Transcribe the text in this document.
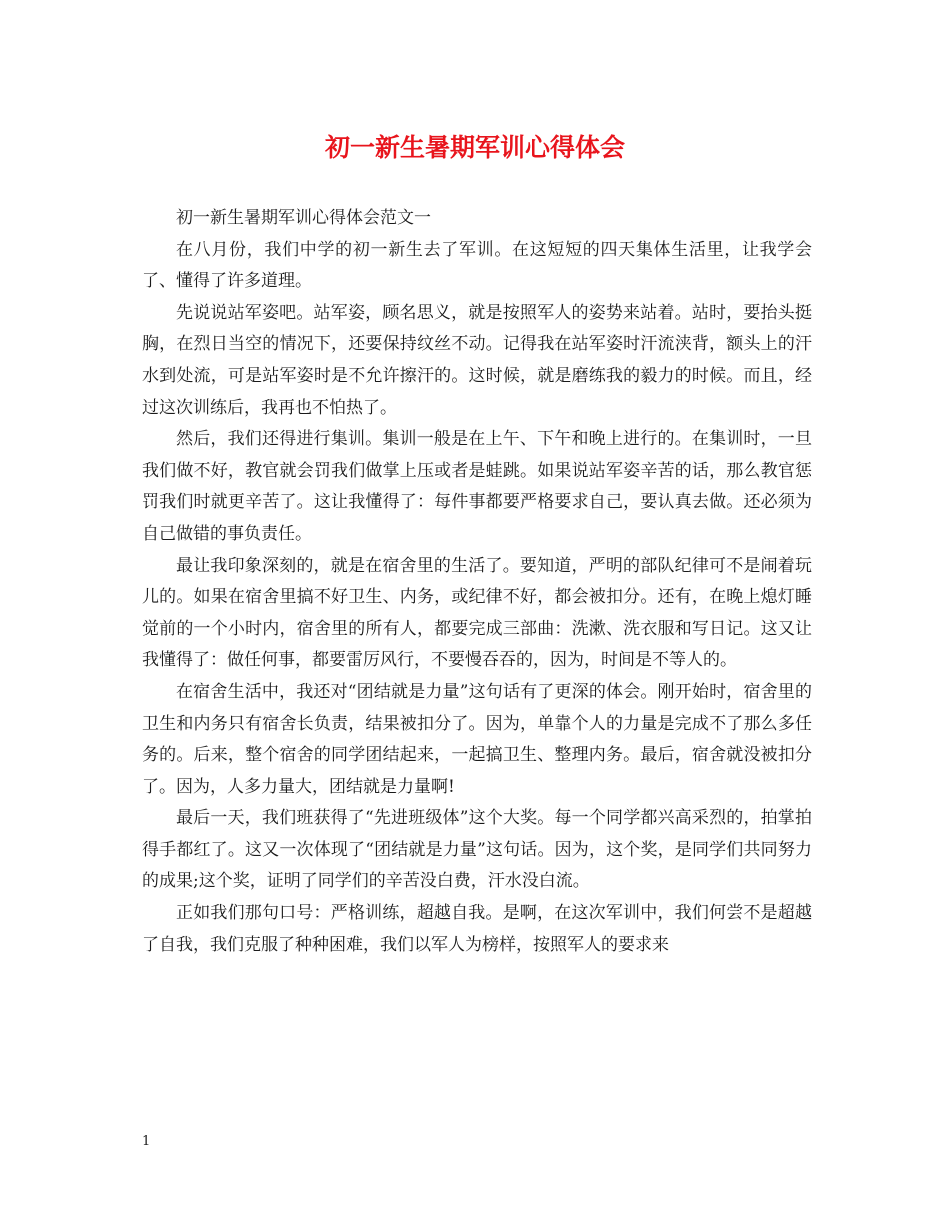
初一新生暑期军训心得体会

初一新生暑期军训心得体会范文一

在八月份，我们中学的初一新生去了军训。在这短短的四天集体生活里，让我学会了、懂得了许多道理。

先说说站军姿吧。站军姿，顾名思义，就是按照军人的姿势来站着。站时，要抬头挺胸，在烈日当空的情况下，还要保持纹丝不动。记得我在站军姿时汗流浃背，额头上的汗水到处流，可是站军姿时是不允许擦汗的。这时候，就是磨练我的毅力的时候。而且，经过这次训练后，我再也不怕热了。

然后，我们还得进行集训。集训一般是在上午、下午和晚上进行的。在集训时，一旦我们做不好，教官就会罚我们做掌上压或者是蛙跳。如果说站军姿辛苦的话，那么教官惩罚我们时就更辛苦了。这让我懂得了：每件事都要严格要求自己，要认真去做。还必须为自己做错的事负责任。

最让我印象深刻的，就是在宿舍里的生活了。要知道，严明的部队纪律可不是闹着玩儿的。如果在宿舍里搞不好卫生、内务，或纪律不好，都会被扣分。还有，在晚上熄灯睡觉前的一个小时内，宿舍里的所有人，都要完成三部曲：洗漱、洗衣服和写日记。这又让我懂得了：做任何事，都要雷厉风行，不要慢吞吞的，因为，时间是不等人的。

在宿舍生活中，我还对“团结就是力量”这句话有了更深的体会。刚开始时，宿舍里的卫生和内务只有宿舍长负责，结果被扣分了。因为，单靠个人的力量是完成不了那么多任务的。后来，整个宿舍的同学团结起来，一起搞卫生、整理内务。最后，宿舍就没被扣分了。因为，人多力量大，团结就是力量啊!

最后一天，我们班获得了“先进班级体”这个大奖。每一个同学都兴高采烈的，拍掌拍得手都红了。这又一次体现了“团结就是力量”这句话。因为，这个奖，是同学们共同努力的成果;这个奖，证明了同学们的辛苦没白费，汗水没白流。

正如我们那句口号：严格训练，超越自我。是啊，在这次军训中，我们何尝不是超越了自我，我们克服了种种困难，我们以军人为榜样，按照军人的要求来

1
